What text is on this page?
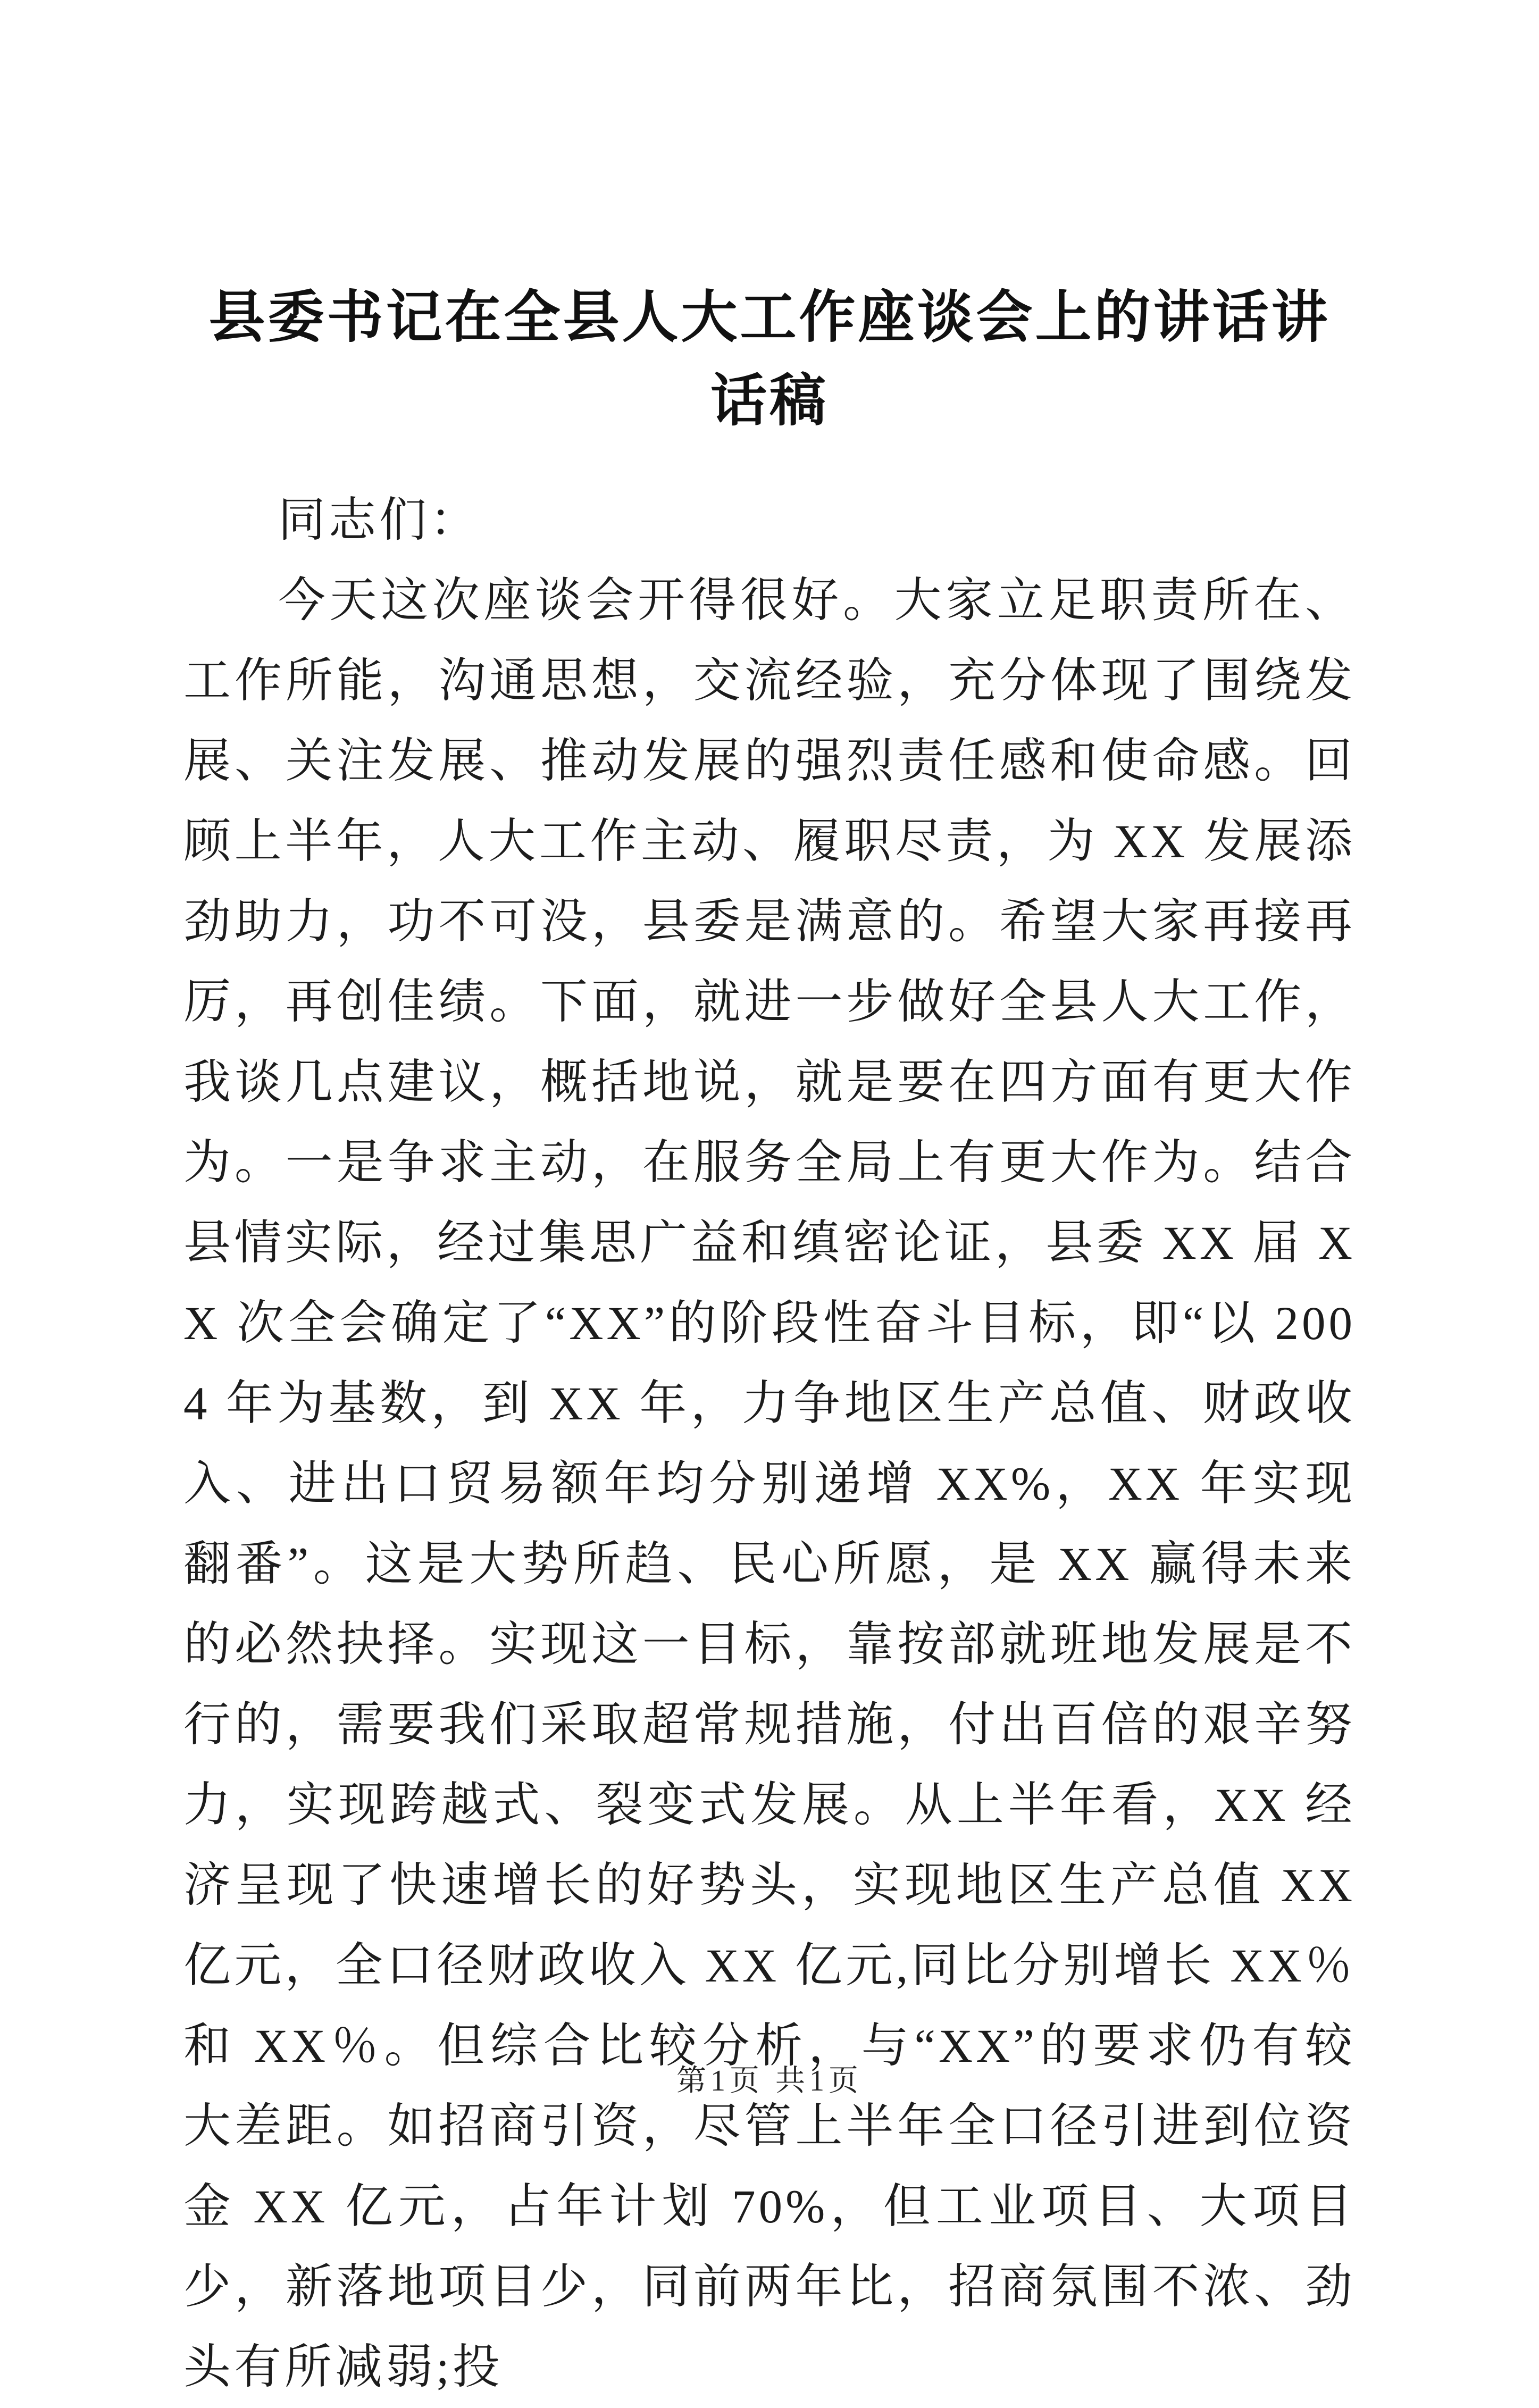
县委书记在全县人大工作座谈会上的讲话讲话稿

同志们：

今天这次座谈会开得很好。大家立足职责所在、工作所能，沟通思想，交流经验，充分体现了围绕发展、关注发展、推动发展的强烈责任感和使命感。回顾上半年，人大工作主动、履职尽责，为 XX 发展添劲助力，功不可没，县委是满意的。希望大家再接再厉，再创佳绩。下面，就进一步做好全县人大工作，我谈几点建议，概括地说，就是要在四方面有更大作为。一是争求主动，在服务全局上有更大作为。结合县情实际，经过集思广益和缜密论证，县委 XX 届 XX 次全会确定了“XX”的阶段性奋斗目标，即“以 2004 年为基数，到 XX 年，力争地区生产总值、财政收入、进出口贸易额年均分别递增 XX%，XX 年实现翻番”。这是大势所趋、民心所愿，是 XX 赢得未来的必然抉择。实现这一目标，靠按部就班地发展是不行的，需要我们采取超常规措施，付出百倍的艰辛努力，实现跨越式、裂变式发展。从上半年看，XX 经济呈现了快速增长的好势头，实现地区生产总值 XX 亿元，全口径财政收入 XX 亿元,同比分别增长 XX％和 XX％。但综合比较分析，与“XX”的要求仍有较大差距。如招商引资，尽管上半年全口径引进到位资金 XX 亿元，占年计划 70%，但工业项目、大项目少，新落地项目少，同前两年比，招商氛围不浓、劲头有所减弱;投

第1页 共1页
